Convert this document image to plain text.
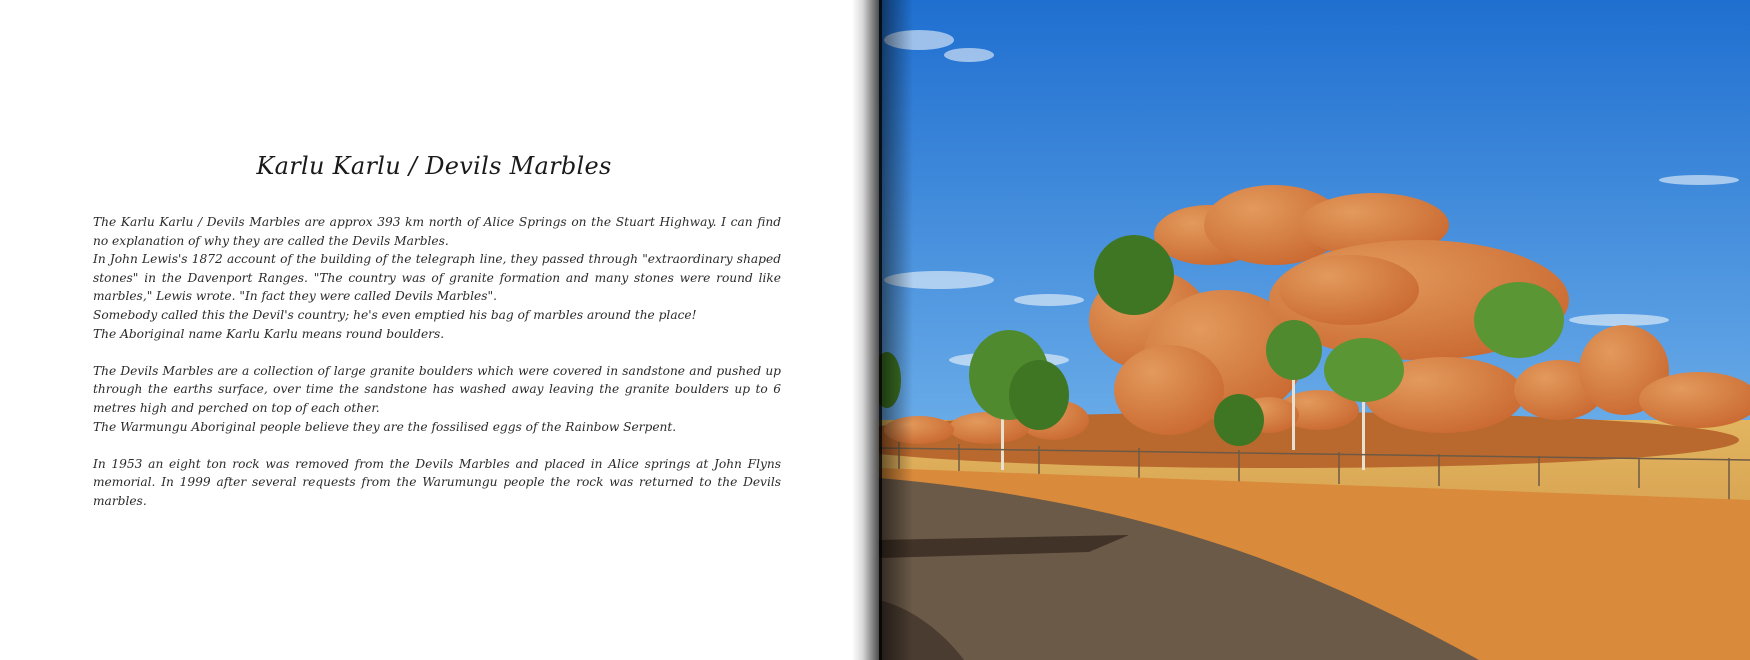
Karlu Karlu / Devils Marbles

The Karlu Karlu / Devils Marbles are approx 393 km north of Alice Springs on the Stuart Highway. I can find no explanation of why they are called the Devils Marbles.
In John Lewis's 1872 account of the building of the telegraph line, they passed through "extraordinary shaped stones" in the Davenport Ranges. "The country was of granite formation and many stones were round like marbles," Lewis wrote. "In fact they were called Devils Marbles".
Somebody called this the Devil's country; he's even emptied his bag of marbles around the place!
The Aboriginal name Karlu Karlu means round boulders.

The Devils Marbles are a collection of large granite boulders which were covered in sandstone and pushed up through the earths surface, over time the sandstone has washed away leaving the granite boulders up to 6 metres high and perched on top of each other.
The Warmungu Aboriginal people believe they are the fossilised eggs of the Rainbow Serpent.

In 1953 an eight ton rock was removed from the Devils Marbles and placed in Alice springs at John Flyns memorial. In 1999 after several requests from the Warumungu people the rock was returned to the Devils marbles.
